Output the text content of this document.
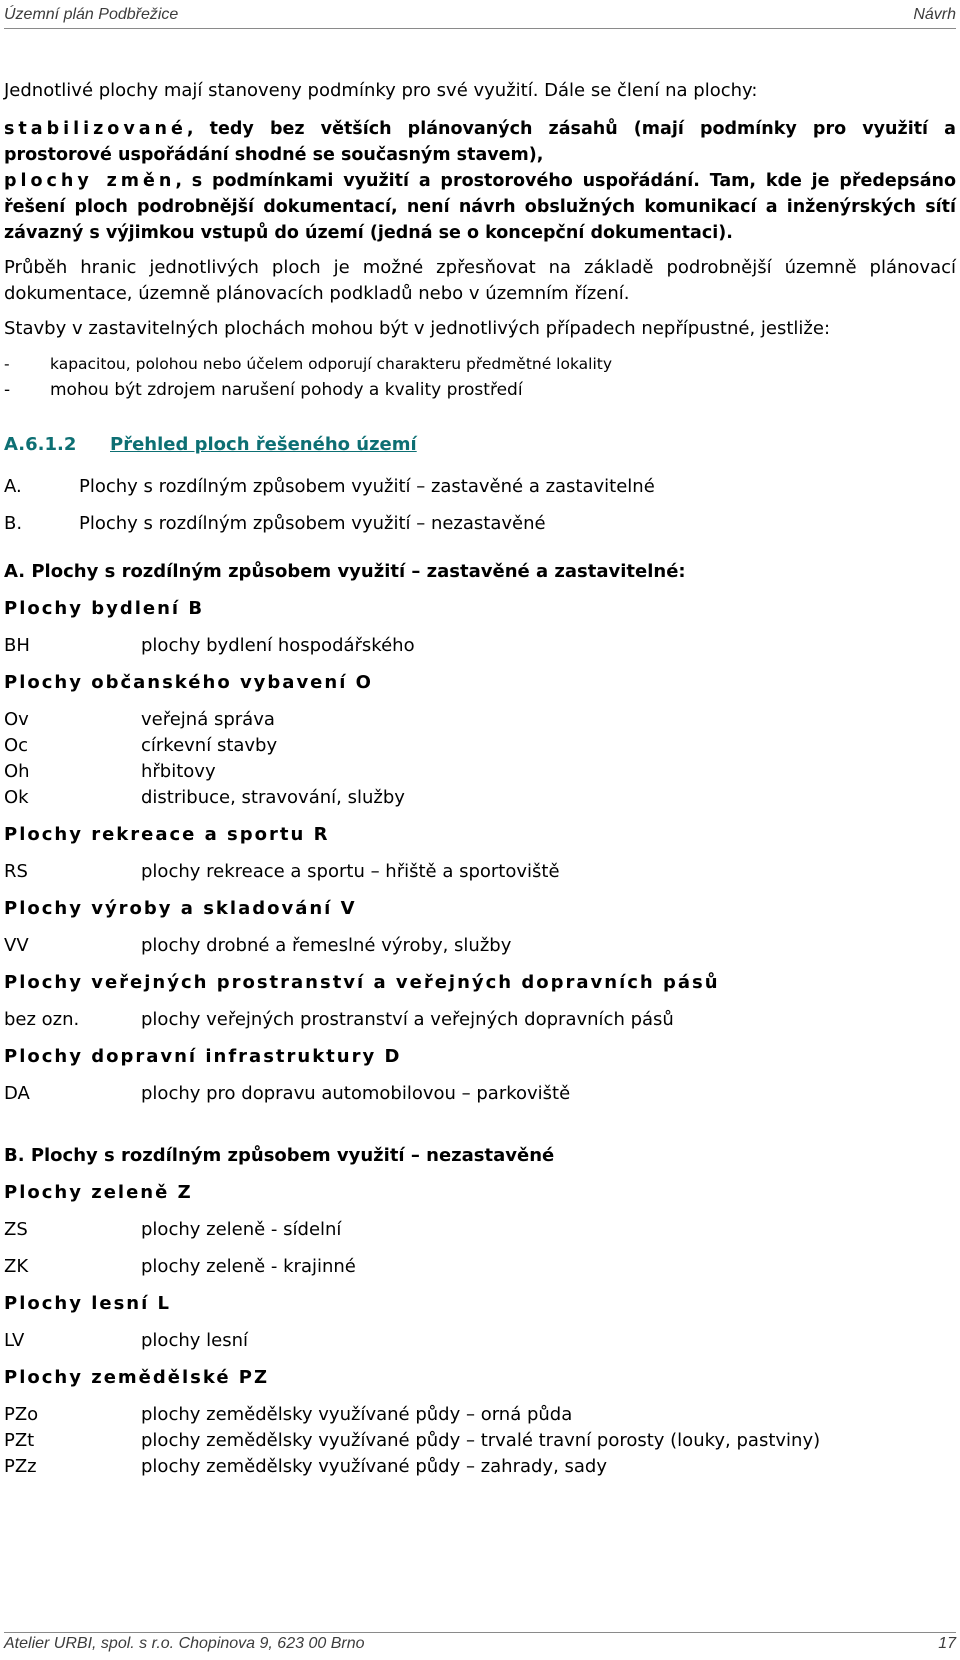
Územní plán Podbřežice	Návrh

Jednotlivé plochy mají stanoveny podmínky pro své využití. Dále se člení na plochy:

stabilizované, tedy bez větších plánovaných zásahů (mají podmínky pro využití a prostorové uspořádání shodné se současným stavem),
plochy změn, s podmínkami využití a prostorového uspořádání. Tam, kde je předepsáno řešení ploch podrobnější dokumentací, není návrh obslužných komunikací a inženýrských sítí závazný s výjimkou vstupů do území (jedná se o koncepční dokumentaci).

Průběh hranic jednotlivých ploch je možné zpřesňovat na základě podrobnější územně plánovací dokumentace, územně plánovacích podkladů nebo v územním řízení.

Stavby v zastavitelných plochách mohou být v jednotlivých případech nepřípustné, jestliže:

-	kapacitou, polohou nebo účelem odporují charakteru předmětné lokality
-	mohou být zdrojem narušení pohody a kvality prostředí
A.6.1.2	Přehled ploch řešeného území
A.	Plochy s rozdílným způsobem využití – zastavěné a zastavitelné
B.	Plochy s rozdílným způsobem využití – nezastavěné

A. Plochy s rozdílným způsobem využití – zastavěné a zastavitelné:

Plochy bydlení B

BH	plochy bydlení hospodářského

Plochy občanského vybavení O

Ov	veřejná správa
Oc	církevní stavby
Oh	hřbitovy
Ok	distribuce, stravování, služby

Plochy rekreace a sportu R

RS	plochy rekreace a sportu – hřiště a sportoviště

Plochy výroby a skladování V

VV	plochy drobné a řemeslné výroby, služby

Plochy veřejných prostranství a veřejných dopravních pásů

bez ozn.	plochy veřejných prostranství a veřejných dopravních pásů

Plochy dopravní infrastruktury D

DA	plochy pro dopravu automobilovou – parkoviště

B. Plochy s rozdílným způsobem využití – nezastavěné

Plochy zeleně Z

ZS	plochy zeleně - sídelní
ZK	plochy zeleně - krajinné

Plochy lesní L

LV	plochy lesní

Plochy zemědělské PZ

PZo	plochy zemědělsky využívané půdy – orná půda
PZt	plochy zemědělsky využívané půdy – trvalé travní porosty (louky, pastviny)
PZz	plochy zemědělsky využívané půdy – zahrady, sady
Atelier URBI, spol. s r.o. Chopinova 9, 623 00 Brno	17
